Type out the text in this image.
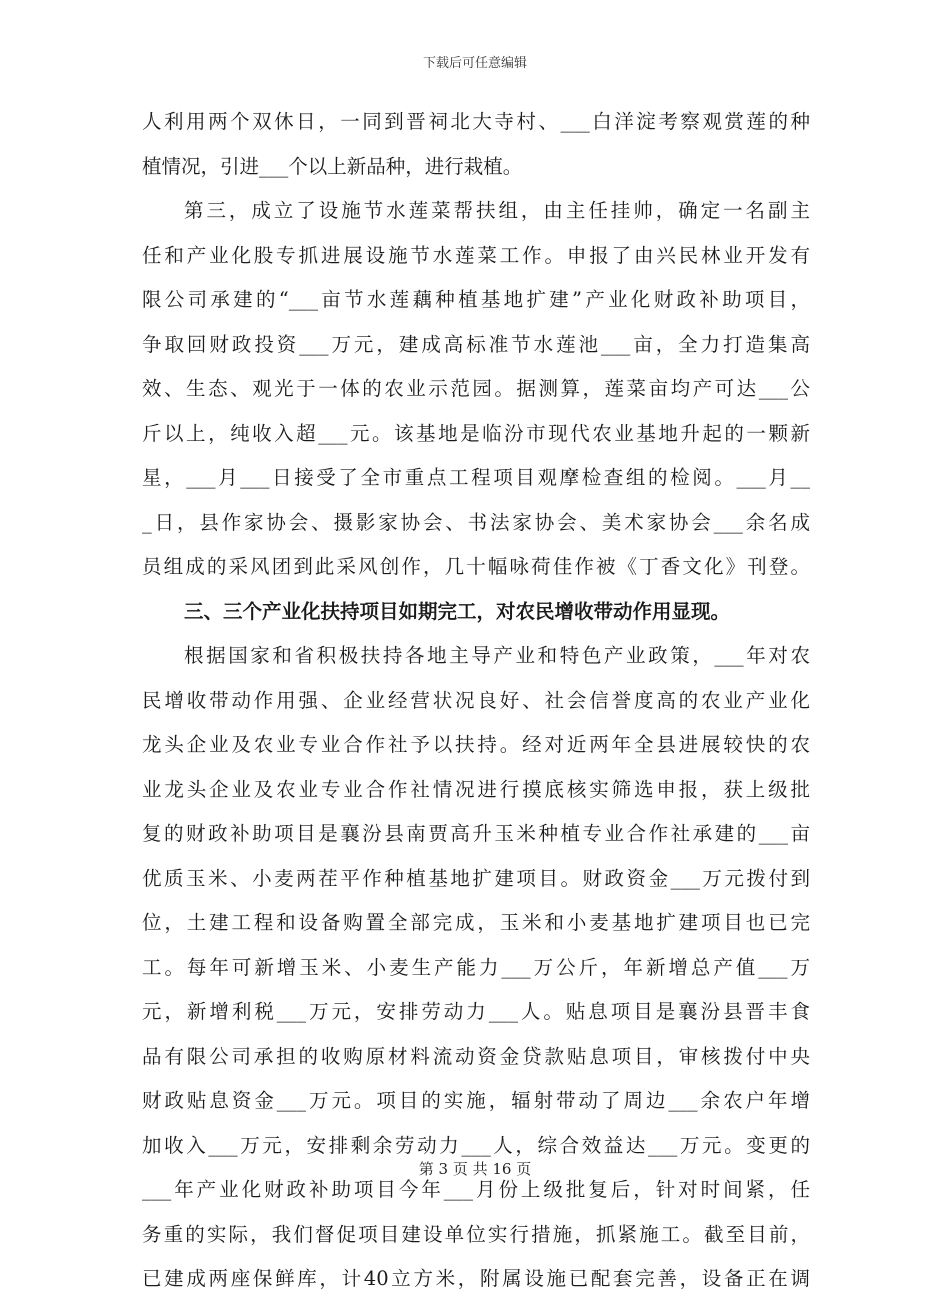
下载后可任意编辑
人利用两个双休日，一同到晋祠北大寺村、___白洋淀考察观赏莲的种
植情况，引进___个以上新品种，进行栽植。
第三，成立了设施节水莲菜帮扶组，由主任挂帅，确定一名副主
任和产业化股专抓进展设施节水莲菜工作。申报了由兴民林业开发有
限公司承建的“___亩节水莲藕种植基地扩建”产业化财政补助项目，
争取回财政投资___万元，建成高标准节水莲池___亩，全力打造集高
效、生态、观光于一体的农业示范园。据测算，莲菜亩均产可达___公
斤以上，纯收入超___元。该基地是临汾市现代农业基地升起的一颗新
星，___月___日接受了全市重点工程项目观摩检查组的检阅。___月__
_日，县作家协会、摄影家协会、书法家协会、美术家协会___余名成
员组成的采风团到此采风创作，几十幅咏荷佳作被《丁香文化》刊登。
三、三个产业化扶持项目如期完工，对农民增收带动作用显现。
根据国家和省积极扶持各地主导产业和特色产业政策，___年对农
民增收带动作用强、企业经营状况良好、社会信誉度高的农业产业化
龙头企业及农业专业合作社予以扶持。经对近两年全县进展较快的农
业龙头企业及农业专业合作社情况进行摸底核实筛选申报，获上级批
复的财政补助项目是襄汾县南贾高升玉米种植专业合作社承建的___亩
优质玉米、小麦两茬平作种植基地扩建项目。财政资金___万元拨付到
位，土建工程和设备购置全部完成，玉米和小麦基地扩建项目也已完
工。每年可新增玉米、小麦生产能力___万公斤，年新增总产值___万
元，新增利税___万元，安排劳动力___人。贴息项目是襄汾县晋丰食
品有限公司承担的收购原材料流动资金贷款贴息项目，审核拨付中央
财政贴息资金___万元。项目的实施，辐射带动了周边___余农户年增
加收入___万元，安排剩余劳动力___人，综合效益达___万元。变更的
___年产业化财政补助项目今年___月份上级批复后，针对时间紧，任
务重的实际，我们督促项目建设单位实行措施，抓紧施工。截至目前，
已建成两座保鲜库，计40立方米，附属设施已配套完善，设备正在调
第 3 页 共 16 页
